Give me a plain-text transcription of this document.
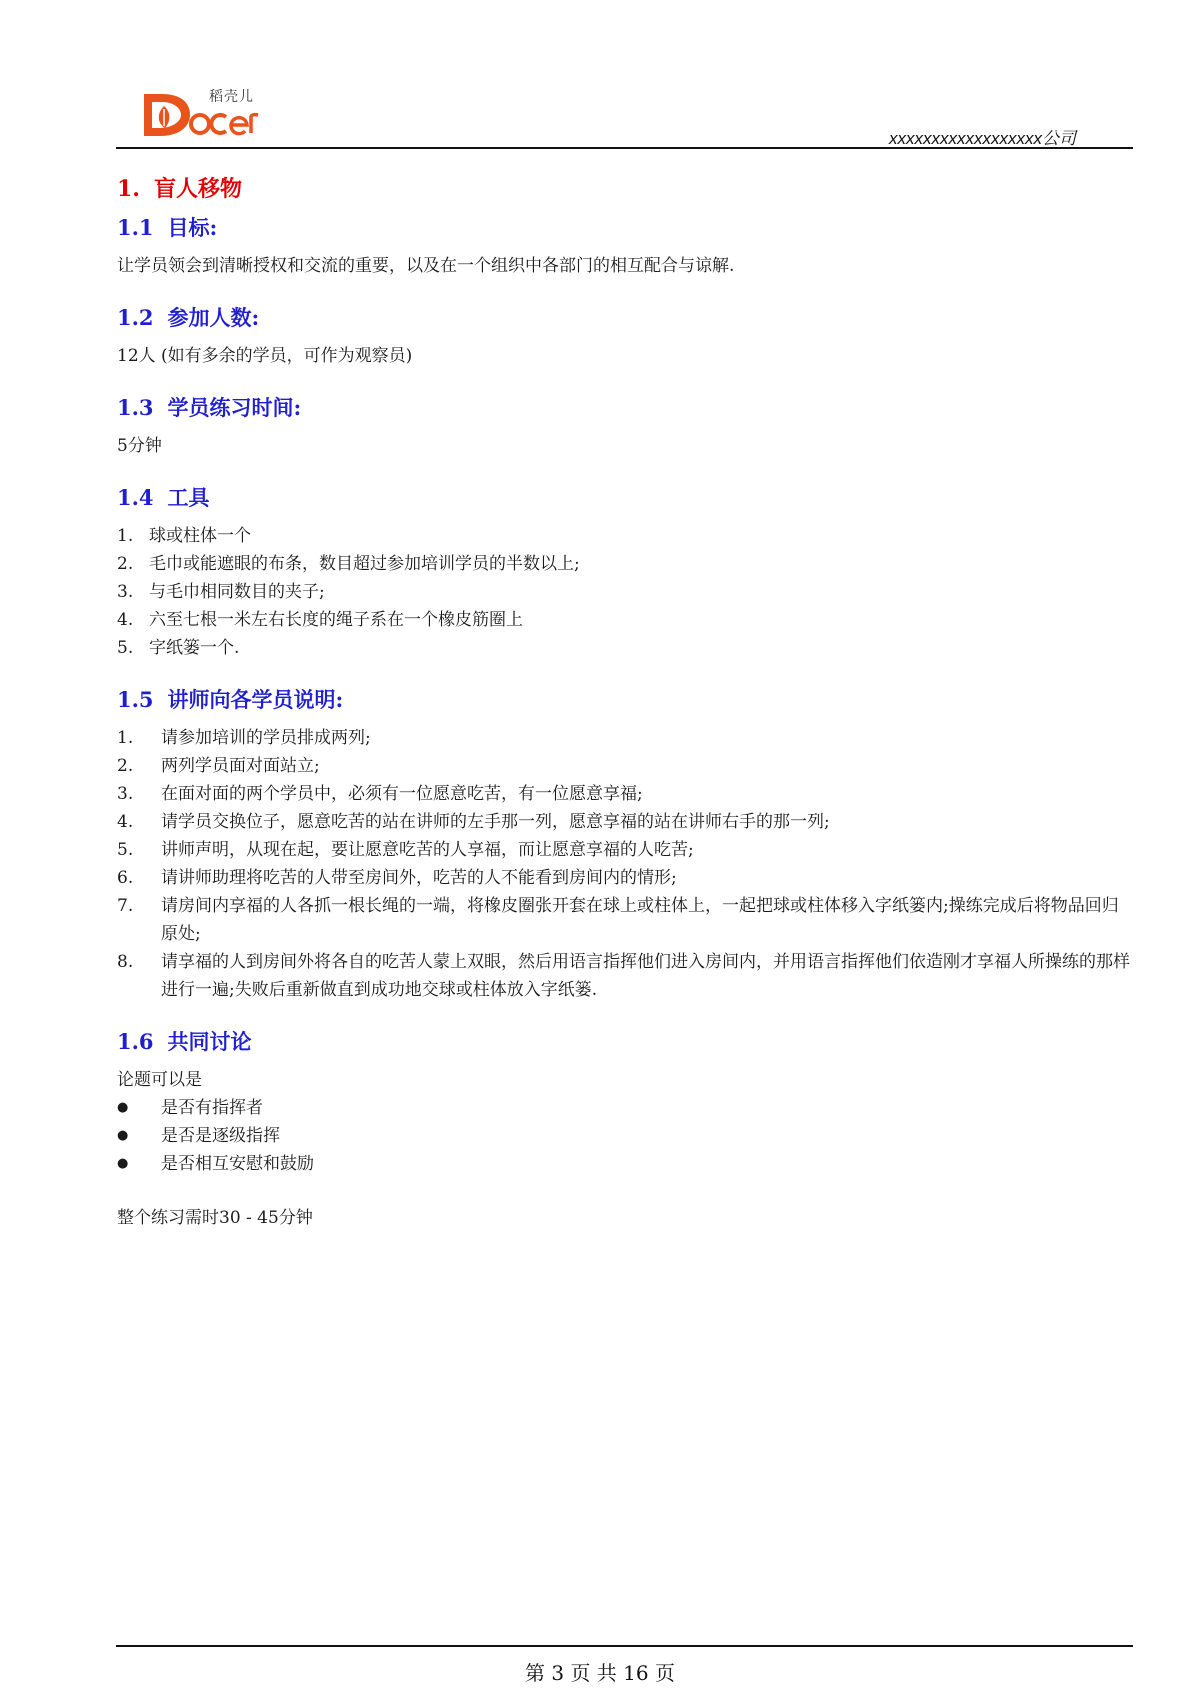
稻壳儿
xxxxxxxxxxxxxxxxxx公司
1. 盲人移物
1.1 目标:

让学员领会到清晰授权和交流的重要，以及在一个组织中各部门的相互配合与谅解.

1.2 参加人数:

12人 (如有多余的学员，可作为观察员)

1.3 学员练习时间:

5分钟

1.4 工具
1. 球或柱体一个
2. 毛巾或能遮眼的布条，数目超过参加培训学员的半数以上;
3. 与毛巾相同数目的夹子;
4. 六至七根一米左右长度的绳子系在一个橡皮筋圈上
5. 字纸篓一个.
1.5 讲师向各学员说明:
1.	请参加培训的学员排成两列;
2.	两列学员面对面站立;
3.	在面对面的两个学员中，必须有一位愿意吃苦，有一位愿意享福;
4.	请学员交换位子，愿意吃苦的站在讲师的左手那一列，愿意享福的站在讲师右手的那一列;
5.	讲师声明，从现在起，要让愿意吃苦的人享福，而让愿意享福的人吃苦;
6.	请讲师助理将吃苦的人带至房间外，吃苦的人不能看到房间内的情形;
7.	请房间内享福的人各抓一根长绳的一端，将橡皮圈张开套在球上或柱体上，一起把球或柱体移入字纸篓内;操练完成后将物品回归原处;
8.	请享福的人到房间外将各自的吃苦人蒙上双眼，然后用语言指挥他们进入房间内，并用语言指挥他们依造刚才享福人所操练的那样进行一遍;失败后重新做直到成功地交球或柱体放入字纸篓.
1.6 共同讨论

论题可以是

●	是否有指挥者
●	是否是逐级指挥
●	是否相互安慰和鼓励

整个练习需时30 - 45分钟

第 3 页 共 16 页
